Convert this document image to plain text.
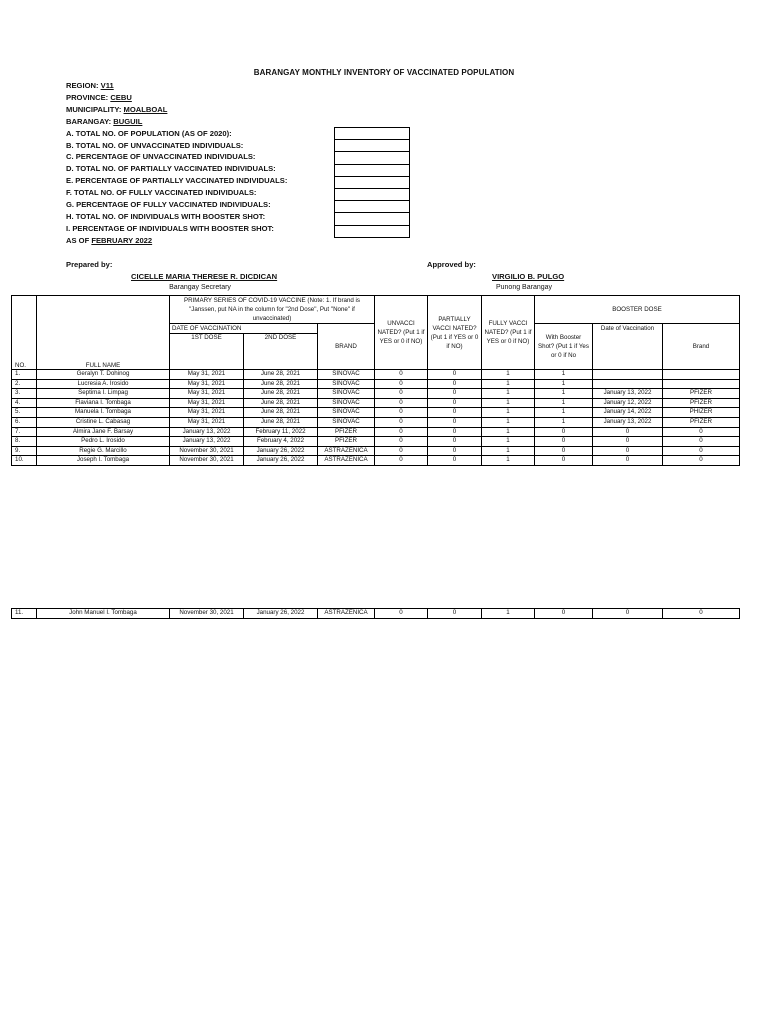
BARANGAY MONTHLY INVENTORY OF VACCINATED POPULATION
REGION: V11
PROVINCE: CEBU
MUNICIPALITY: MOALBOAL
BARANGAY: BUGUIL
A. TOTAL NO. OF POPULATION (AS OF 2020):
B. TOTAL NO. OF UNVACCINATED INDIVIDUALS:
C. PERCENTAGE OF UNVACCINATED INDIVIDUALS:
D. TOTAL NO. OF PARTIALLY VACCINATED INDIVIDUALS:
E. PERCENTAGE OF PARTIALLY VACCINATED INDIVIDUALS:
F. TOTAL NO. OF FULLY VACCINATED INDIVIDUALS:
G. PERCENTAGE OF FULLY VACCINATED INDIVIDUALS:
H. TOTAL NO. OF INDIVIDUALS WITH BOOSTER SHOT:
I. PERCENTAGE OF INDIVIDUALS WITH BOOSTER SHOT:
AS OF FEBRUARY 2022
Prepared by:	Approved by:
CICELLE MARIA THERESE R. DICDICAN	VIRGILIO B. PULGO
Barangay Secretary	Punong Barangay
NO.	FULL NAME	PRIMARY SERIES OF COVID-19 VACCINE (Note: 1. If brand is "Janssen, put NA in the column for "2nd Dose", Put "None" if unvaccinated)			UNVACCI NATED? (Put 1 if YES or 0 if NO)	PARTIALLY VACCI NATED? (Put 1 if YES or 0 if NO)	FULLY VACCI NATED? (Put 1 if YES or 0 if NO)	BOOSTER DOSE		
		DATE OF VACCINATION		BRAND				With Booster Shot? (Put 1 if Yes or 0 if No	Date of Vaccination	Brand
		1ST DOSE	2ND DOSE							
1.	Geralyn T. Dohinog	May 31, 2021	June 28, 2021	SINOVAC	0	0	1	1		
2.	Lucresia A. Irosido	May 31, 2021	June 28, 2021	SINOVAC	0	0	1	1		
3.	Septima I. Limpag	May 31, 2021	June 28, 2021	SINOVAC	0	0	1	1	January 13, 2022	PFIZER
4.	Flaviana I. Tombaga	May 31, 2021	June 28, 2021	SINOVAC	0	0	1	1	January 12, 2022	PFIZER
5.	Manuela I. Tombaga	May 31, 2021	June 28, 2021	SINOVAC	0	0	1	1	January 14, 2022	PHIZER
6.	Cristine L. Cabasag	May 31, 2021	June 28, 2021	SINOVAC	0	0	1	1	January 13, 2022	PFIZER
7.	Almira Jane F. Barsay	January 13, 2022	February 11, 2022	PFIZER	0	0	1	0	0	0
8.	Pedro L. Irosido	January 13, 2022	February 4, 2022	PFIZER	0	0	1	0	0	0
9.	Regie G. Marcillo	November 30, 2021	January 26, 2022	ASTRAZENICA	0	0	1	0	0	0
10.	Joseph I. Tombaga	November 30, 2021	January 26, 2022	ASTRAZENICA	0	0	1	0	0	0
11.	John Manuel I. Tombaga	November 30, 2021	January 26, 2022	ASTRAZENICA	0	0	1	0	0	0
